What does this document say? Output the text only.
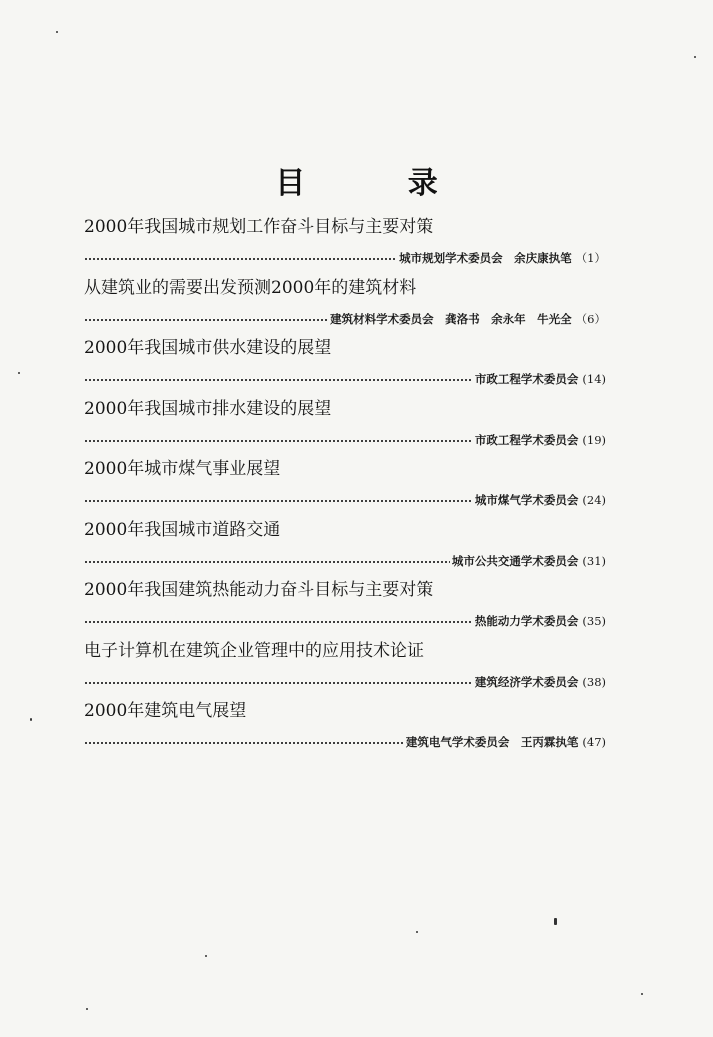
目 录
2000年我国城市规划工作奋斗目标与主要对策
城市规划学术委员会　余庆康执笔 （1）
从建筑业的需要出发预测2000年的建筑材料
建筑材料学术委员会　龚洛书　余永年　牛光全 （6）
2000年我国城市供水建设的展望
市政工程学术委员会 (14)
2000年我国城市排水建设的展望
市政工程学术委员会 (19)
2000年城市煤气事业展望
城市煤气学术委员会 (24)
2000年我国城市道路交通
城市公共交通学术委员会 (31)
2000年我国建筑热能动力奋斗目标与主要对策
热能动力学术委员会 (35)
电子计算机在建筑企业管理中的应用技术论证
建筑经济学术委员会 (38)
2000年建筑电气展望
建筑电气学术委员会　王丙霖执笔 (47)
